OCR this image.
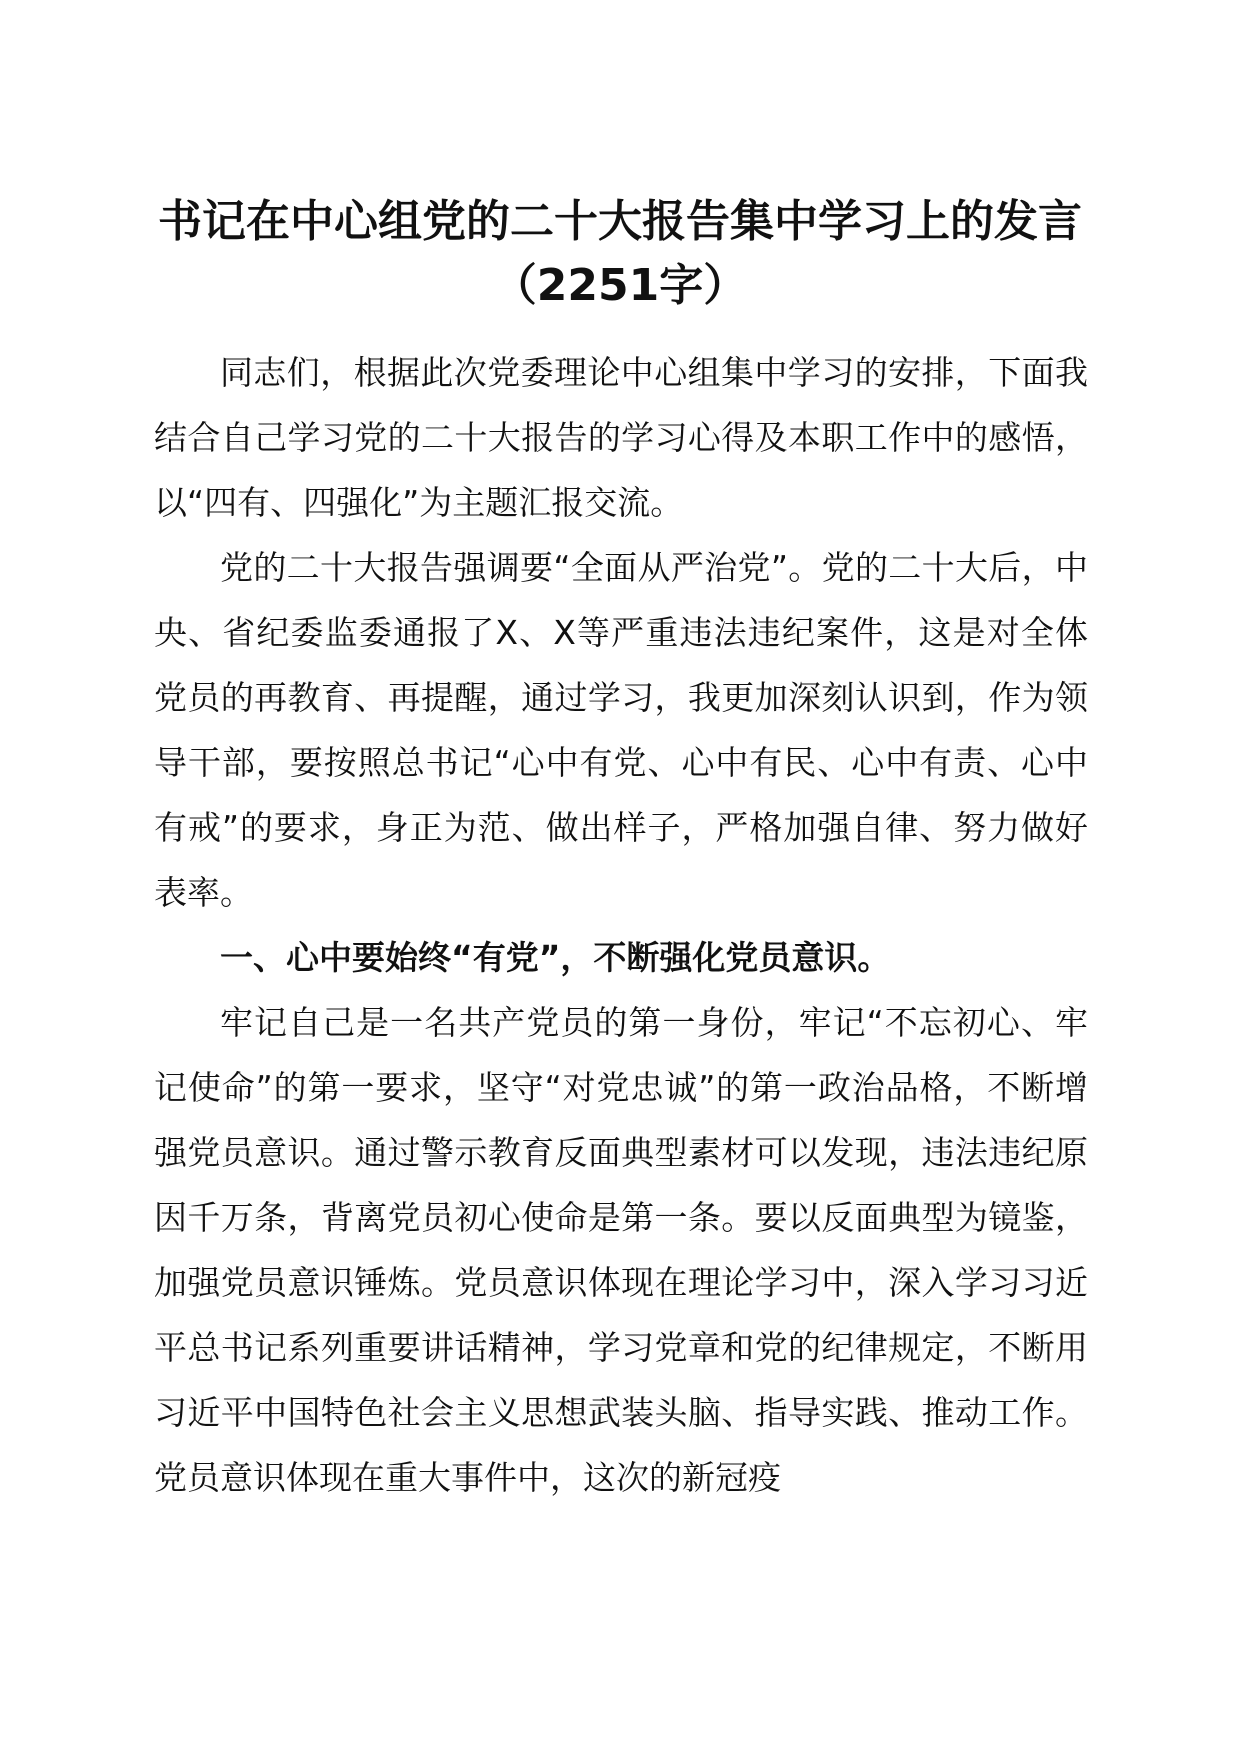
书记在中心组党的二十大报告集中学习上的发言（2251字）

同志们，根据此次党委理论中心组集中学习的安排，下面我结合自己学习党的二十大报告的学习心得及本职工作中的感悟，以“四有、四强化”为主题汇报交流。

党的二十大报告强调要“全面从严治党”。党的二十大后，中央、省纪委监委通报了X、X等严重违法违纪案件，这是对全体党员的再教育、再提醒，通过学习，我更加深刻认识到，作为领导干部，要按照总书记“心中有党、心中有民、心中有责、心中有戒”的要求，身正为范、做出样子，严格加强自律、努力做好表率。

一、心中要始终“有党”，不断强化党员意识。

牢记自己是一名共产党员的第一身份，牢记“不忘初心、牢记使命”的第一要求，坚守“对党忠诚”的第一政治品格，不断增强党员意识。通过警示教育反面典型素材可以发现，违法违纪原因千万条，背离党员初心使命是第一条。要以反面典型为镜鉴，加强党员意识锤炼。党员意识体现在理论学习中，深入学习习近平总书记系列重要讲话精神，学习党章和党的纪律规定，不断用习近平中国特色社会主义思想武装头脑、指导实践、推动工作。党员意识体现在重大事件中，这次的新冠疫
